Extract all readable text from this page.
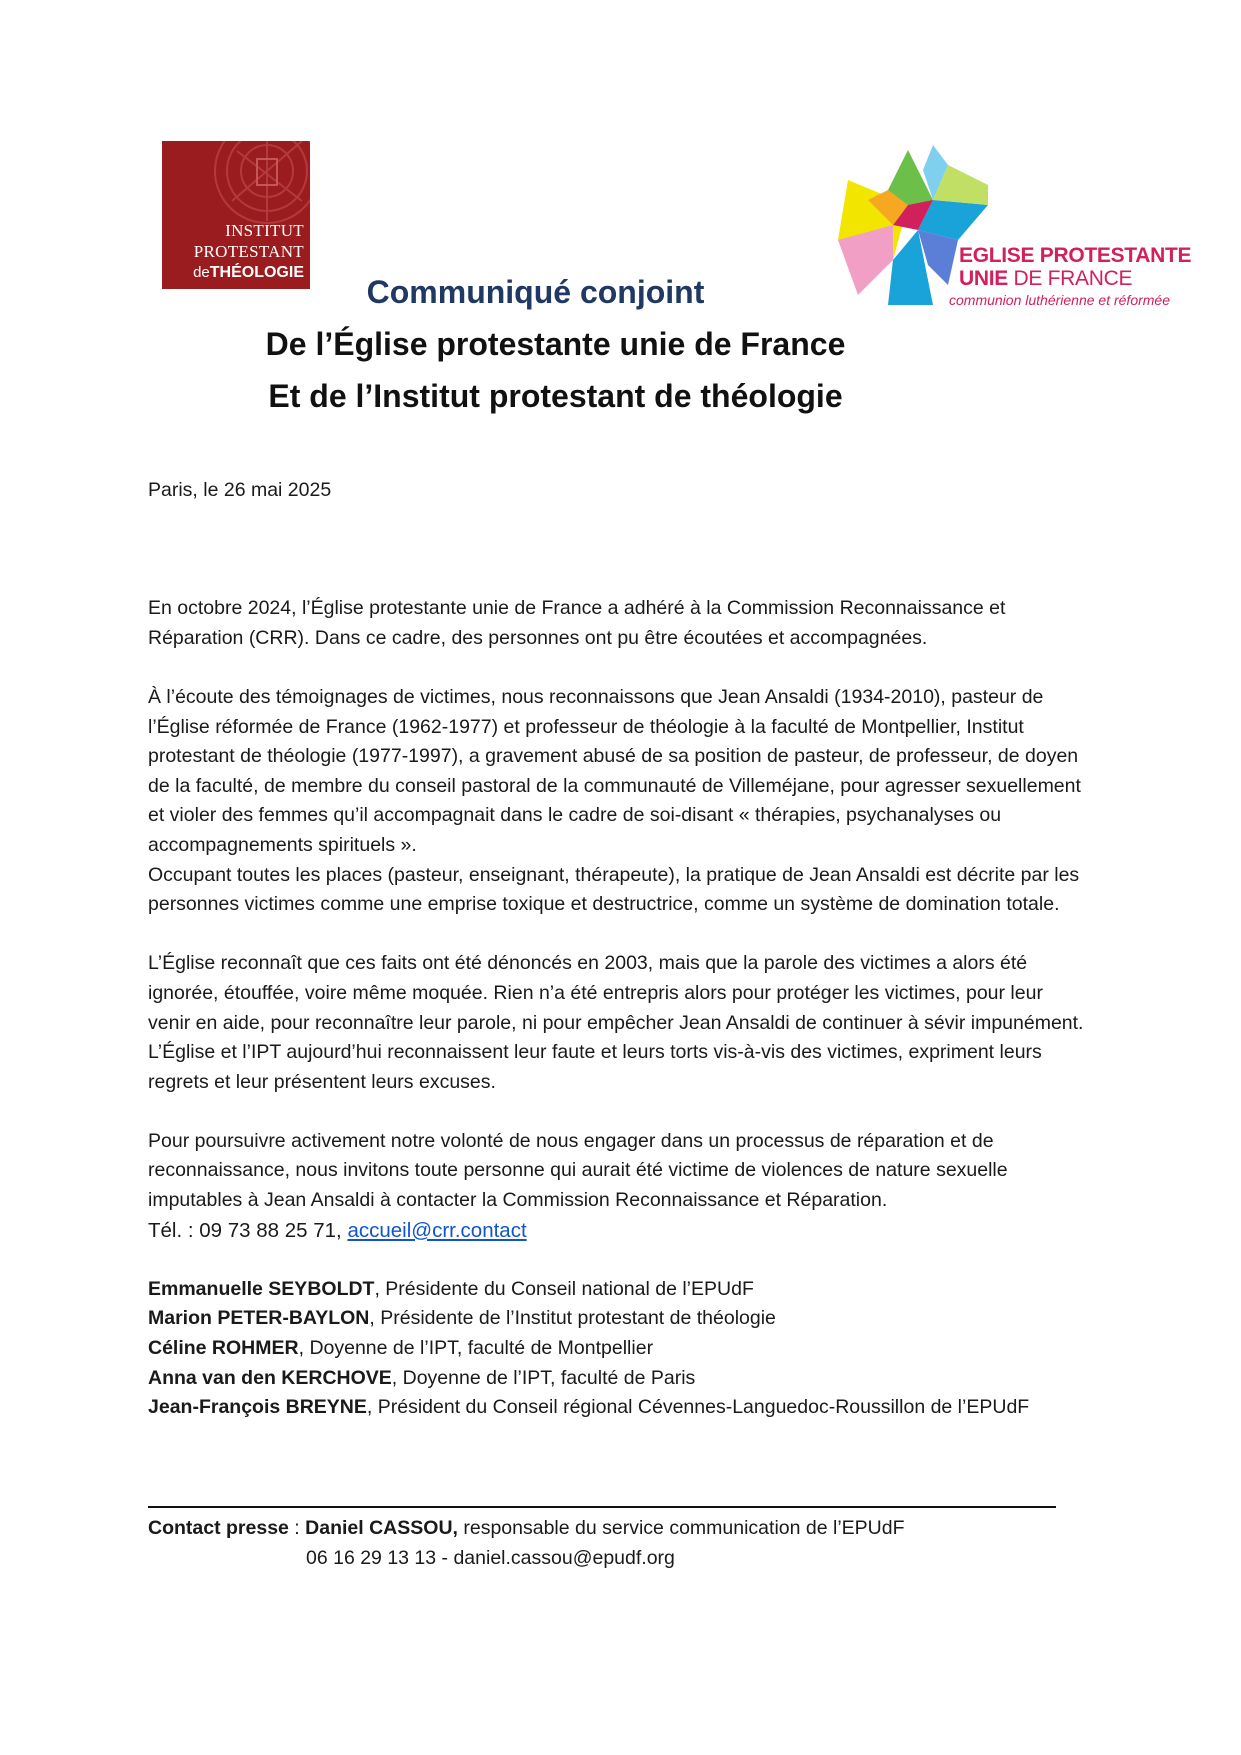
INSTITUT
PROTESTANT
deTHÉOLOGIE
EGLISE PROTESTANTE
UNIE DE FRANCE
communion luthérienne et réformée
Communiqué conjoint
De l’Église protestante unie de France
Et de l’Institut protestant de théologie

Paris, le 26 mai 2025

En octobre 2024, l’Église protestante unie de France a adhéré à la Commission Reconnaissance et Réparation (CRR). Dans ce cadre, des personnes ont pu être écoutées et accompagnées.

À l’écoute des témoignages de victimes, nous reconnaissons que Jean Ansaldi (1934-2010), pasteur de l’Église réformée de France (1962-1977) et professeur de théologie à la faculté de Montpellier, Institut protestant de théologie (1977-1997), a gravement abusé de sa position de pasteur, de professeur, de doyen de la faculté, de membre du conseil pastoral de la communauté de Villeméjane, pour agresser sexuellement et violer des femmes qu’il accompagnait dans le cadre de soi-disant « thérapies, psychanalyses ou accompagnements spirituels ».

Occupant toutes les places (pasteur, enseignant, thérapeute), la pratique de Jean Ansaldi est décrite par les personnes victimes comme une emprise toxique et destructrice, comme un système de domination totale.

L’Église reconnaît que ces faits ont été dénoncés en 2003, mais que la parole des victimes a alors été ignorée, étouffée, voire même moquée. Rien n’a été entrepris alors pour protéger les victimes, pour leur venir en aide, pour reconnaître leur parole, ni pour empêcher Jean Ansaldi de continuer à sévir impunément.

L’Église et l’IPT aujourd’hui reconnaissent leur faute et leurs torts vis-à-vis des victimes, expriment leurs regrets et leur présentent leurs excuses.

Pour poursuivre activement notre volonté de nous engager dans un processus de réparation et de reconnaissance, nous invitons toute personne qui aurait été victime de violences de nature sexuelle imputables à Jean Ansaldi à contacter la Commission Reconnaissance et Réparation.

Tél. : 09 73 88 25 71, accueil@crr.contact

Emmanuelle SEYBOLDT, Présidente du Conseil national de l’EPUdF

Marion PETER-BAYLON, Présidente de l’Institut protestant de théologie

Céline ROHMER, Doyenne de l’IPT, faculté de Montpellier

Anna van den KERCHOVE, Doyenne de l’IPT, faculté de Paris

Jean-François BREYNE, Président du Conseil régional Cévennes-Languedoc-Roussillon de l’EPUdF

Contact presse : Daniel CASSOU, responsable du service communication de l’EPUdF
06 16 29 13 13 - daniel.cassou@epudf.org
